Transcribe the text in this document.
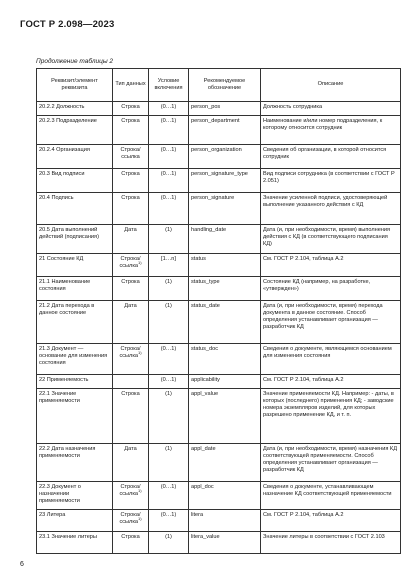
ГОСТ Р 2.098—2023
Продолжение таблицы 2
Реквизит/элемент реквизита	Тип данных	Условие включения	Рекомендуемое обозначение	Описание
20.2.2 Должность	Строка	(0…1)	person_pos	Должность сотрудника
20.2.3 Подразделение	Строка	(0…1)	person_department	Наименование и/или номер подразделения, к которому относится сотрудник
20.2.4 Организация	Строка/ссылка	(0…1)	person_organization	Сведения об организации, в которой относится сотрудник
20.3 Вид подписи	Строка	(0…1)	person_signature_type	Вид подписи сотрудника (в соответствии с ГОСТ Р 2.051)
20.4 Подпись	Строка	(0…1)	person_signature	Значение усиленной подписи, удостоверяющей выполнение указанного действия с КД
20.5 Дата выполнений действий (подписания)	Дата	(1)	handling_date	Дата (и, при необходимости, время) выполнения действия с КД (в соответствующего подписания КД)
21 Состояние КД	Строка/ссылка$^{1)}$	[1…n]	status	См. ГОСТ Р 2.104, таблица А.2
21.1 Наименование состояния	Строка	(1)	status_type	Состояние КД (например, на разработке, «утвержден»)
21.2 Дата перехода в данное состояние	Дата	(1)	status_date	Дата (и, при необходимости, время) перехода документа в данное состояние. Способ определения устанавливает организация — разработчик КД
21.3 Документ — основание для изменения состояния	Строка/ссылка$^{1)}$	(0…1)	status_doc	Сведения о документе, являющемся основанием для изменения состояния
22 Применяемость		(0…1)	applicability	См. ГОСТ Р 2.104, таблица А.2
22.1 Значение применяемости	Строка	(1)	appl_value	Значение применяемости КД. Например: - даты, в которых (последнего) применения КД; - заводские номера экземпляров изделий, для которых разрешено применение КД, и т. п.
22.2 Дата назначения применяемости	Дата	(1)	appl_date	Дата (и, при необходимости, время) назначения КД соответствующей применяемости. Способ определения устанавливает организация — разработчик КД
22.3 Документ о назначении применяемости	Строка/ссылка$^{1)}$	(0…1)	appl_doc	Сведения о документе, устанавливающем назначение КД соответствующей применяемости
23 Литера	Строка/ссылка$^{1)}$	(0…1)	litera	См. ГОСТ Р 2.104, таблица А.2
23.1 Значение литеры	Строка	(1)	litera_value	Значение литеры в соответствии с ГОСТ 2.103
6
